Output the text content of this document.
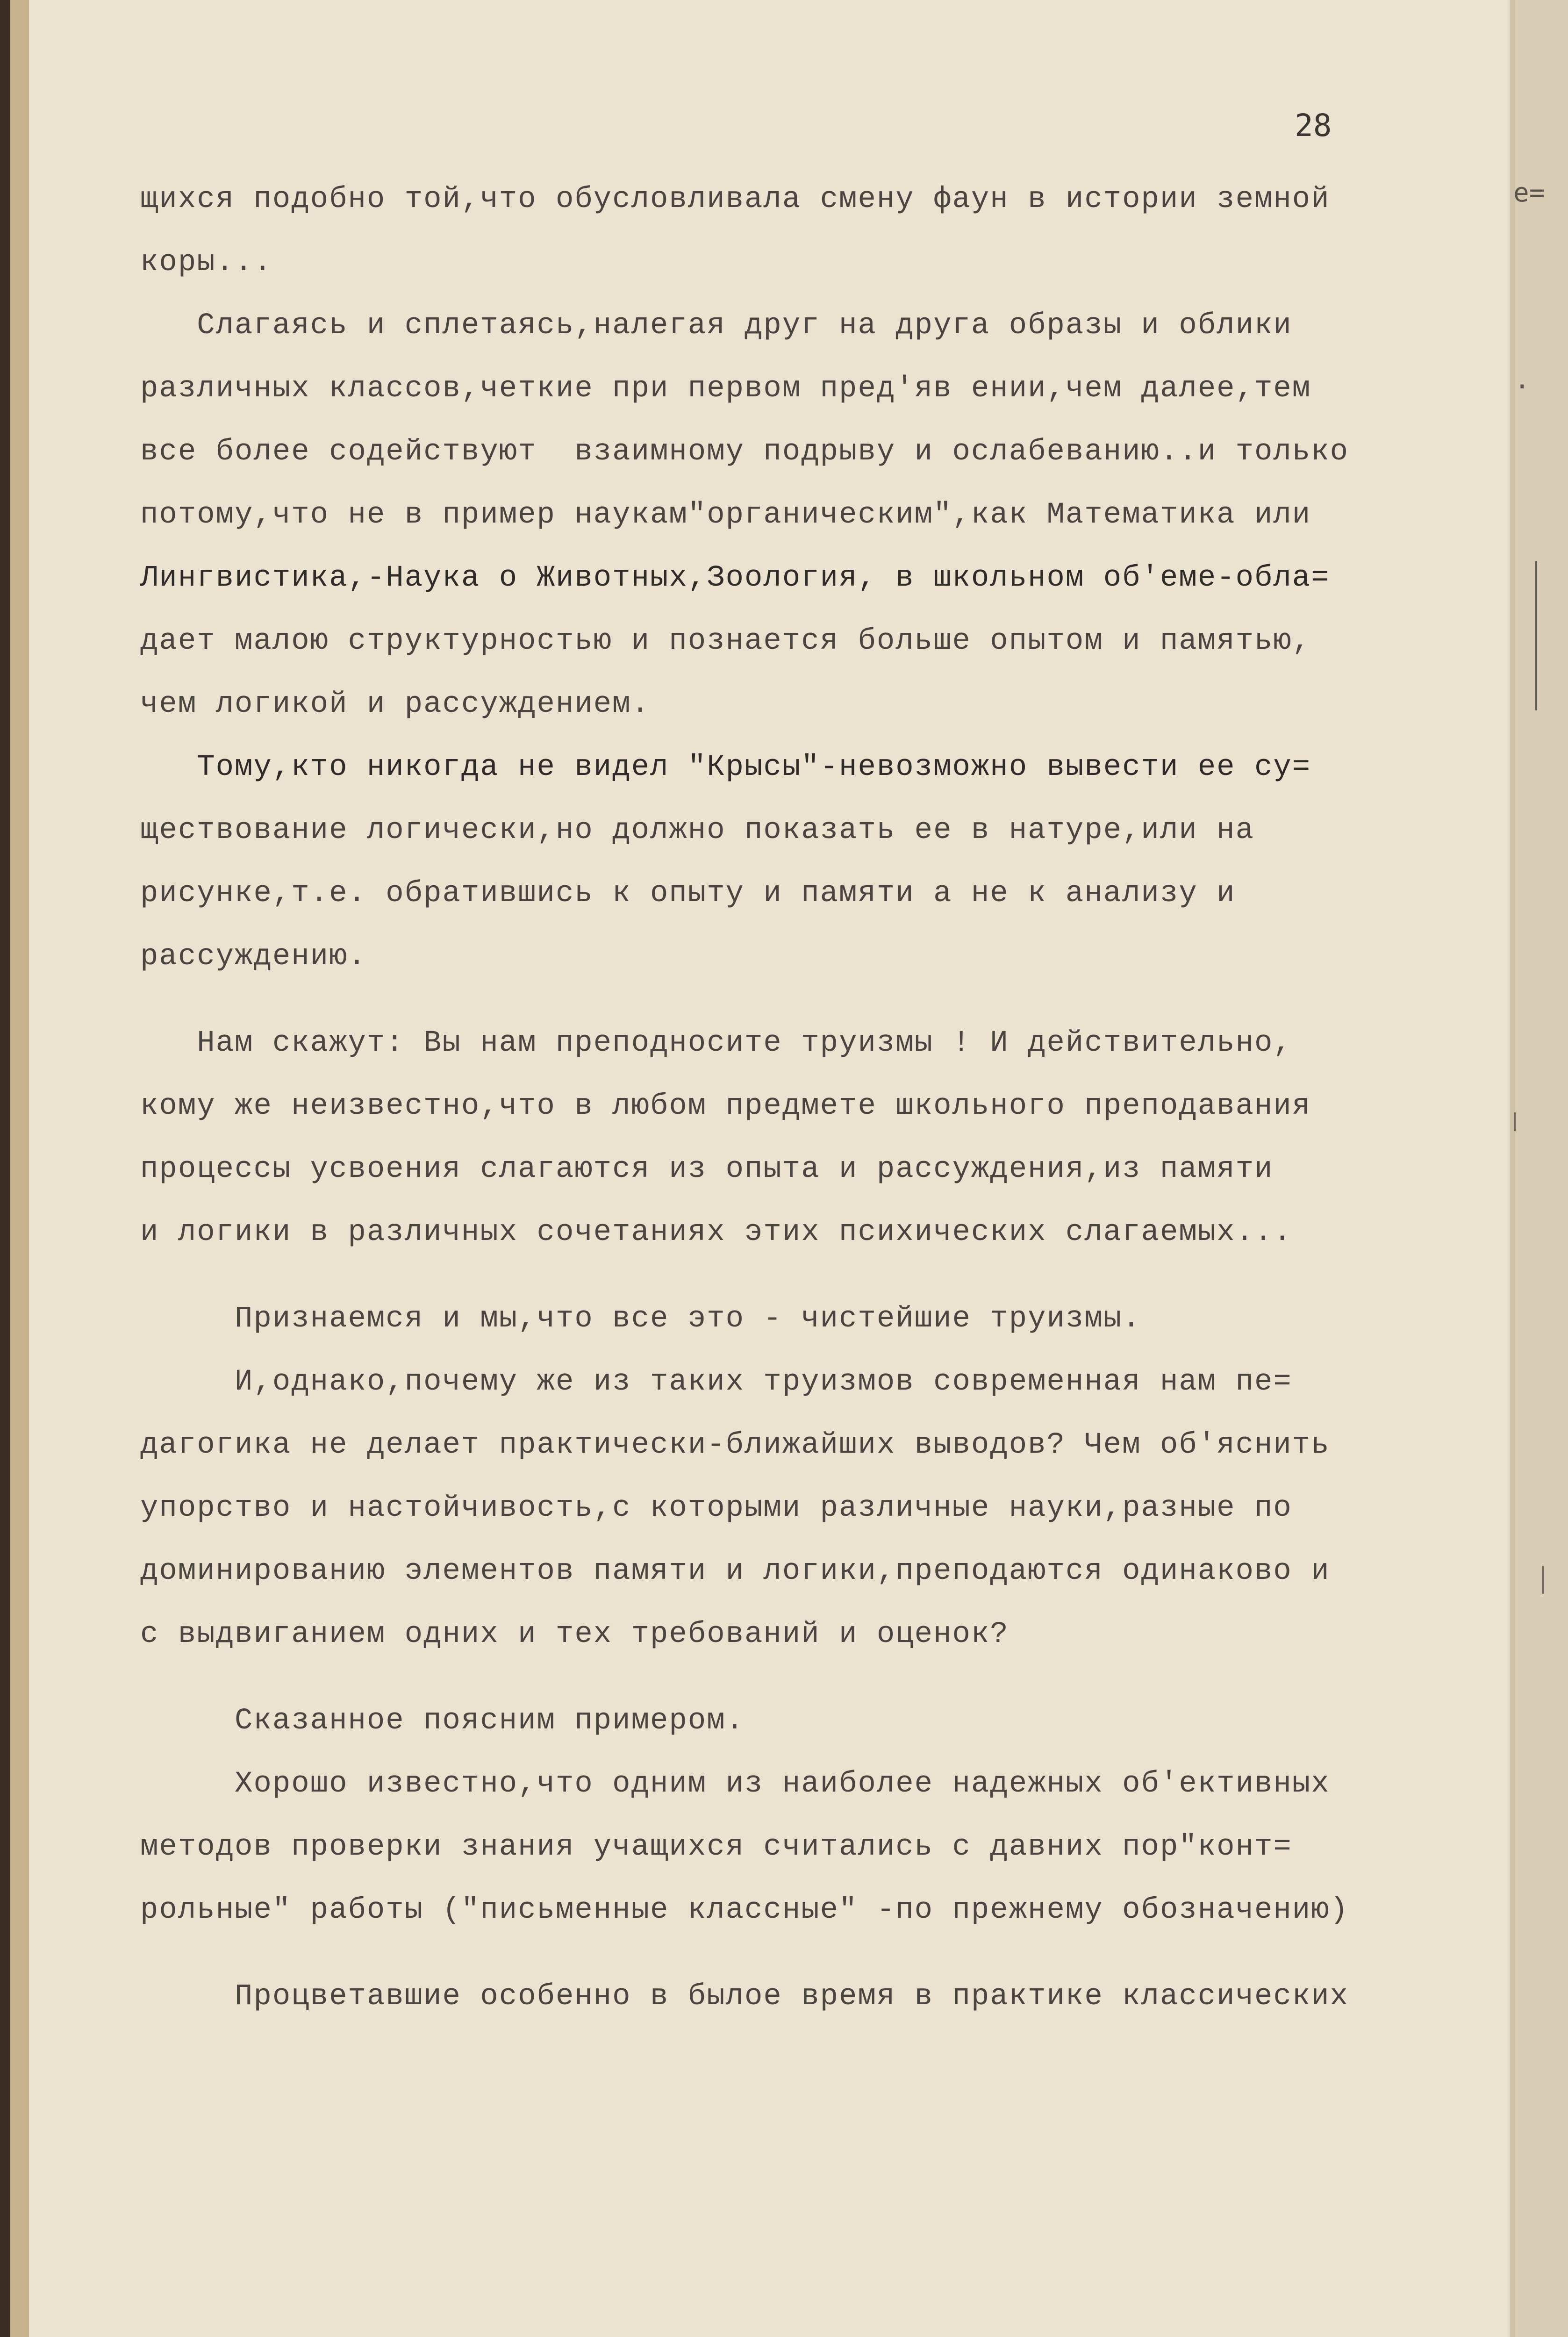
28
е=
.
щихся подобно той,что обусловливала смену фаун в истории земной
коры...
Слагаясь и сплетаясь,налегая друг на друга образы и облики
различных классов,четкие при первом пред'яв ении,чем далее,тем
все более содействуют  взаимному подрыву и ослабеванию..и только
потому,что не в пример наукам"органическим",как Математика или
Лингвистика,-Наука о Животных,Зоология, в школьном об'еме-обла=
дает малою структурностью и познается больше опытом и памятью,
чем логикой и рассуждением.
Тому,кто никогда не видел "Крысы"-невозможно вывести ее су=
ществование логически,но должно показать ее в натуре,или на
рисунке,т.е. обратившись к опыту и памяти а не к анализу и
рассуждению.
Нам скажут: Вы нам преподносите труизмы ! И действительно,
кому же неизвестно,что в любом предмете школьного преподавания
процессы усвоения слагаются из опыта и рассуждения,из памяти
и логики в различных сочетаниях этих психических слагаемых...
Признаемся и мы,что все это - чистейшие труизмы.
И,однако,почему же из таких труизмов современная нам пе=
дагогика не делает практически-ближайших выводов? Чем об'яснить
упорство и настойчивость,с которыми различные науки,разные по
доминированию элементов памяти и логики,преподаются одинаково и
с выдвиганием одних и тех требований и оценок?
Сказанное поясним примером.
Хорошо известно,что одним из наиболее надежных об'ективных
методов проверки знания учащихся считались с давних пор"конт=
рольные" работы ("письменные классные" -по прежнему обозначению)
Процветавшие особенно в былое время в практике классических
